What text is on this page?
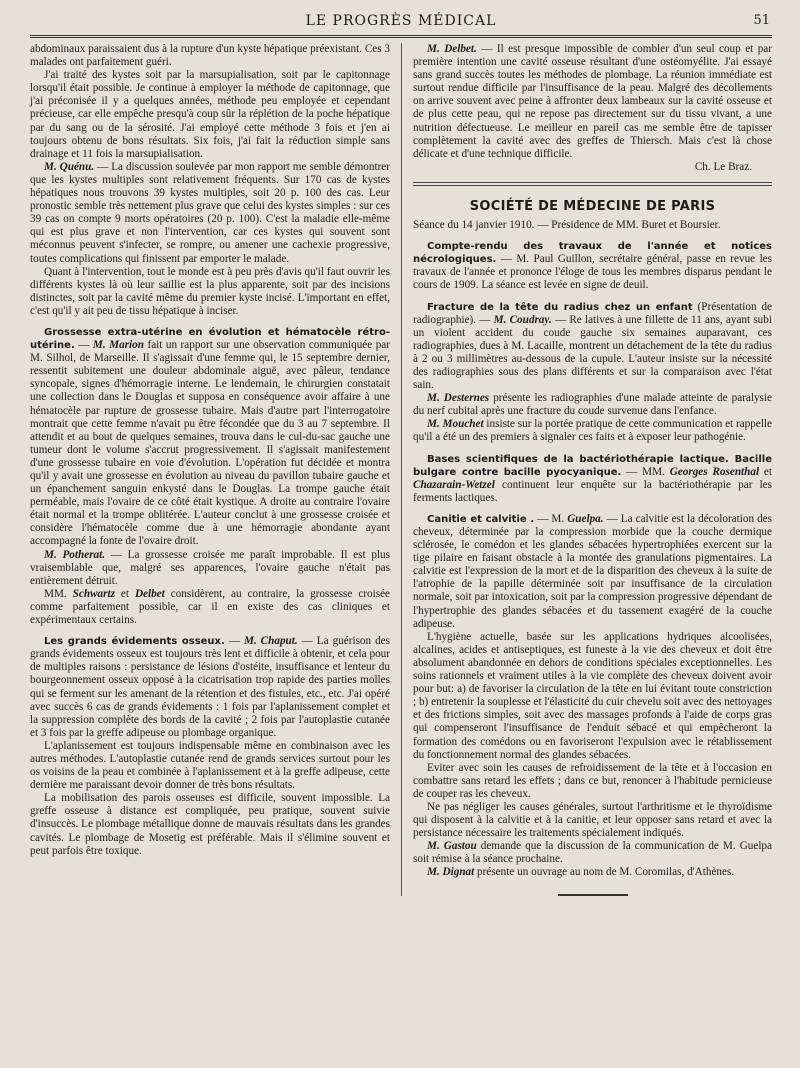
LE PROGRÈS MÉDICAL	51

abdominaux paraissaient dus à la rupture d'un kyste hépatique préexistant. Ces 3 malades ont parfaitement guéri.

J'ai traité des kystes soit par la marsupialisation, soit par le capitonnage lorsqu'il était possible. Je continue à employer la méthode de capitonnage, que j'ai préconisée il y a quelques années, méthode peu employée et cependant précieuse, car elle empêche presqu'à coup sûr la réplétion de la poche hépatique par du sang ou de la sérosité. J'ai employé cette méthode 3 fois et j'en ai toujours obtenu de bons résultats. Six fois, j'ai fait la réduction simple sans drainage et 11 fois la marsupialisation.

M. Quénu. — La discussion soulevée par mon rapport me semble démontrer que les kystes multiples sont relativement fréquents. Sur 170 cas de kystes hépatiques nous trouvons 39 kystes multiples, soit 20 p. 100 des cas. Leur pronostic semble très nettement plus grave que celui des kystes simples : sur ces 39 cas on compte 9 morts opératoires (20 p. 100). C'est la maladie elle-même qui est plus grave et non l'intervention, car ces kystes qui souvent sont méconnus peuvent s'infecter, se rompre, ou amener une cachexie progressive, toutes complications qui finissent par emporter le malade.

Quant à l'intervention, tout le monde est à peu près d'avis qu'il faut ouvrir les différents kystes là où leur saillie est la plus apparente, soit par des incisions distinctes, soit par la cavité même du premier kyste incisé. L'important en effet, c'est qu'il y ait peu de tissu hépatique à inciser.

Grossesse extra-utérine en évolution et hématocèle rétro-utérine. — M. Marion fait un rapport sur une observation communiquée par M. Silhol, de Marseille. Il s'agissait d'une femme qui, le 15 septembre dernier, ressentit subitement une douleur abdominale aiguë, avec pâleur, tendance syncopale, signes d'hémorragie interne. Le lendemain, le chirurgien constatait une collection dans le Douglas et supposa en conséquence avoir affaire à une hématocèle par rupture de grossesse tubaire. Mais d'autre part l'interrogatoire montrait que cette femme n'avait pu être fécondée que du 3 au 7 septembre. Il attendit et au bout de quelques semaines, trouva dans le cul-du-sac gauche une tumeur dont le volume s'accrut progressivement. Il s'agissait manifestement d'une grossesse tubaire en voie d'évolution. L'opération fut décidée et montra qu'il y avait une grossesse en évolution au niveau du pavillon tubaire gauche et un épanchement sanguin enkysté dans le Douglas. La trompe gauche était perméable, mais l'ovaire de ce côté était kystique. A droite au contraire l'ovaire était normal et la trompe oblitérée. L'auteur conclut à une grossesse croisée et considère l'hématocèle comme due à une hémorragie abondante ayant accompagné la fonte de l'ovaire droit.

M. Potherat. — La grossesse croisée me paraît improbable. Il est plus vraisemblable que, malgré ses apparences, l'ovaire gauche n'était pas entièrement détruit.

MM. Schwartz et Delbet considèrent, au contraire, la grossesse croisée comme parfaitement possible, car il en existe des cas cliniques et expérimentaux certains.

Les grands évidements osseux. — M. Chaput. — La guérison des grands évidements osseux est toujours très lent et difficile à obtenir, et cela pour de multiples raisons : persistance de lésions d'ostéite, insuffisance et lenteur du bourgeonnement osseux opposé à la cicatrisation trop rapide des parties molles qui se ferment sur les amenant de la rétention et des fistules, etc., etc. J'ai opéré avec succès 6 cas de grands évidements : 1 fois par l'aplanissement complet et la suppression complète des bords de la cavité ; 2 fois par l'autoplastie cutanée et 3 fois par la greffe adipeuse ou plombage organique.

L'aplanissement est toujours indispensable même en combinaison avec les autres méthodes. L'autoplastie cutanée rend de grands services surtout pour les os voisins de la peau et combinée à l'aplanissement et à la greffe adipeuse, cette dernière me paraissant devoir donner de très bons résultats.

La mobilisation des parois osseuses est difficile, souvent impossible. La greffe osseuse à distance est compliquée, peu pratique, souvent suivie d'insuccès. Le plombage métallique donne de mauvais résultats dans les grandes cavités. Le plombage de Mosetig est préférable. Mais il s'élimine souvent et peut parfois être toxique.

M. Delbet. — Il est presque impossible de combler d'un seul coup et par première intention une cavité osseuse résultant d'une ostéomyélite. J'ai essayé sans grand succès toutes les méthodes de plombage. La réunion immédiate est surtout rendue difficile par l'insuffisance de la peau. Malgré des décollements on arrive souvent avec peine à affronter deux lambeaux sur la cavité osseuse et de plus cette peau, qui ne repose pas directement sur du tissu vivant, a une nutrition défectueuse. Le meilleur en pareil cas me semble être de tapisser complètement la cavité avec des greffes de Thiersch. Mais c'est là chose délicate et d'une technique difficile.

Ch. Le Braz.

SOCIÉTÉ DE MÉDECINE DE PARIS

Séance du 14 janvier 1910. — Présidence de MM. Buret et Boursier.

Compte-rendu des travaux de l'année et notices nécrologiques. — M. Paul Guillon, secrétaire général, passe en revue les travaux de l'année et prononce l'éloge de tous les membres disparus pendant le cours de 1909. La séance est levée en signe de deuil.

Fracture de la tête du radius chez un enfant (Présentation de radiographie). — M. Coudray. — Re latives à une fillette de 11 ans, ayant subi un violent accident du coude gauche six semaines auparavant, ces radiographies, dues à M. Lacaille, montrent un détachement de la tête du radius à 2 ou 3 millimètres au-dessous de la cupule. L'auteur insiste sur la nécessité des radiographies sous des plans différents et sur la comparaison avec l'état sain.

M. Desternes présente les radiographies d'une malade atteinte de paralysie du nerf cubital après une fracture du coude survenue dans l'enfance.

M. Mouchet insiste sur la portée pratique de cette communication et rappelle qu'il a été un des premiers à signaler ces faits et à exposer leur pathogénie.

Bases scientifiques de la bactériothérapie lactique. Bacille bulgare contre bacille pyocyanique. — MM. Georges Rosenthal et Chazarain-Wetzel continuent leur enquête sur la bactériothérapie par les ferments lactiques.

Canitie et calvitie . — M. Guelpa. — La calvitie est la décoloration des cheveux, déterminée par la compression morbide que la couche dermique sclérosée, le comédon et les glandes sébacées hypertrophiées exercent sur la tige pilaire en faisant obstacle à la montée des granulations pigmentaires. La calvitie est l'expression de la mort et de la disparition des cheveux à la suite de l'atrophie de la papille déterminée soit par insuffisance de la circulation normale, soit par intoxication, soit par la compression progressive dépendant de l'hypertrophie des glandes sébacées et du tassement exagéré de la couche adipeuse.

L'hygiène actuelle, basée sur les applications hydriques alcoolisées, alcalines, acides et antiseptiques, est funeste à la vie des cheveux et doit être absolument abandonnée en dehors de conditions spéciales exceptionnelles. Les soins rationnels et vraiment utiles à la vie complète des cheveux doivent avoir pour but: a) de favoriser la circulation de la tête en lui évitant toute constriction ; b) entretenir la souplesse et l'élasticité du cuir chevelu soit avec des nettoyages et des frictions simples, soit avec des massages profonds à l'aide de corps gras qui compenseront l'insuffisance de l'enduit sébacé et qui empêcheront la formation des comédons ou en favoriseront l'expulsion avec le rétablissement du fonctionnement normal des glandes sébacées.

Eviter avec soin les causes de refroidissement de la tête et à l'occasion en combattre sans retard les effets ; dans ce but, renoncer à l'habitude pernicieuse de couper ras les cheveux.

Ne pas négliger les causes générales, surtout l'arthritisme et le thyroïdisme qui disposent à la calvitie et à la canitie, et leur opposer sans retard et avec la persistance nécessaire les traitements spécialement indiqués.

M. Gastou demande que la discussion de la communication de M. Guelpa soit rémise à la séance prochaine.

M. Dignat présente un ouvrage au nom de M. Coromilas, d'Athènes.
